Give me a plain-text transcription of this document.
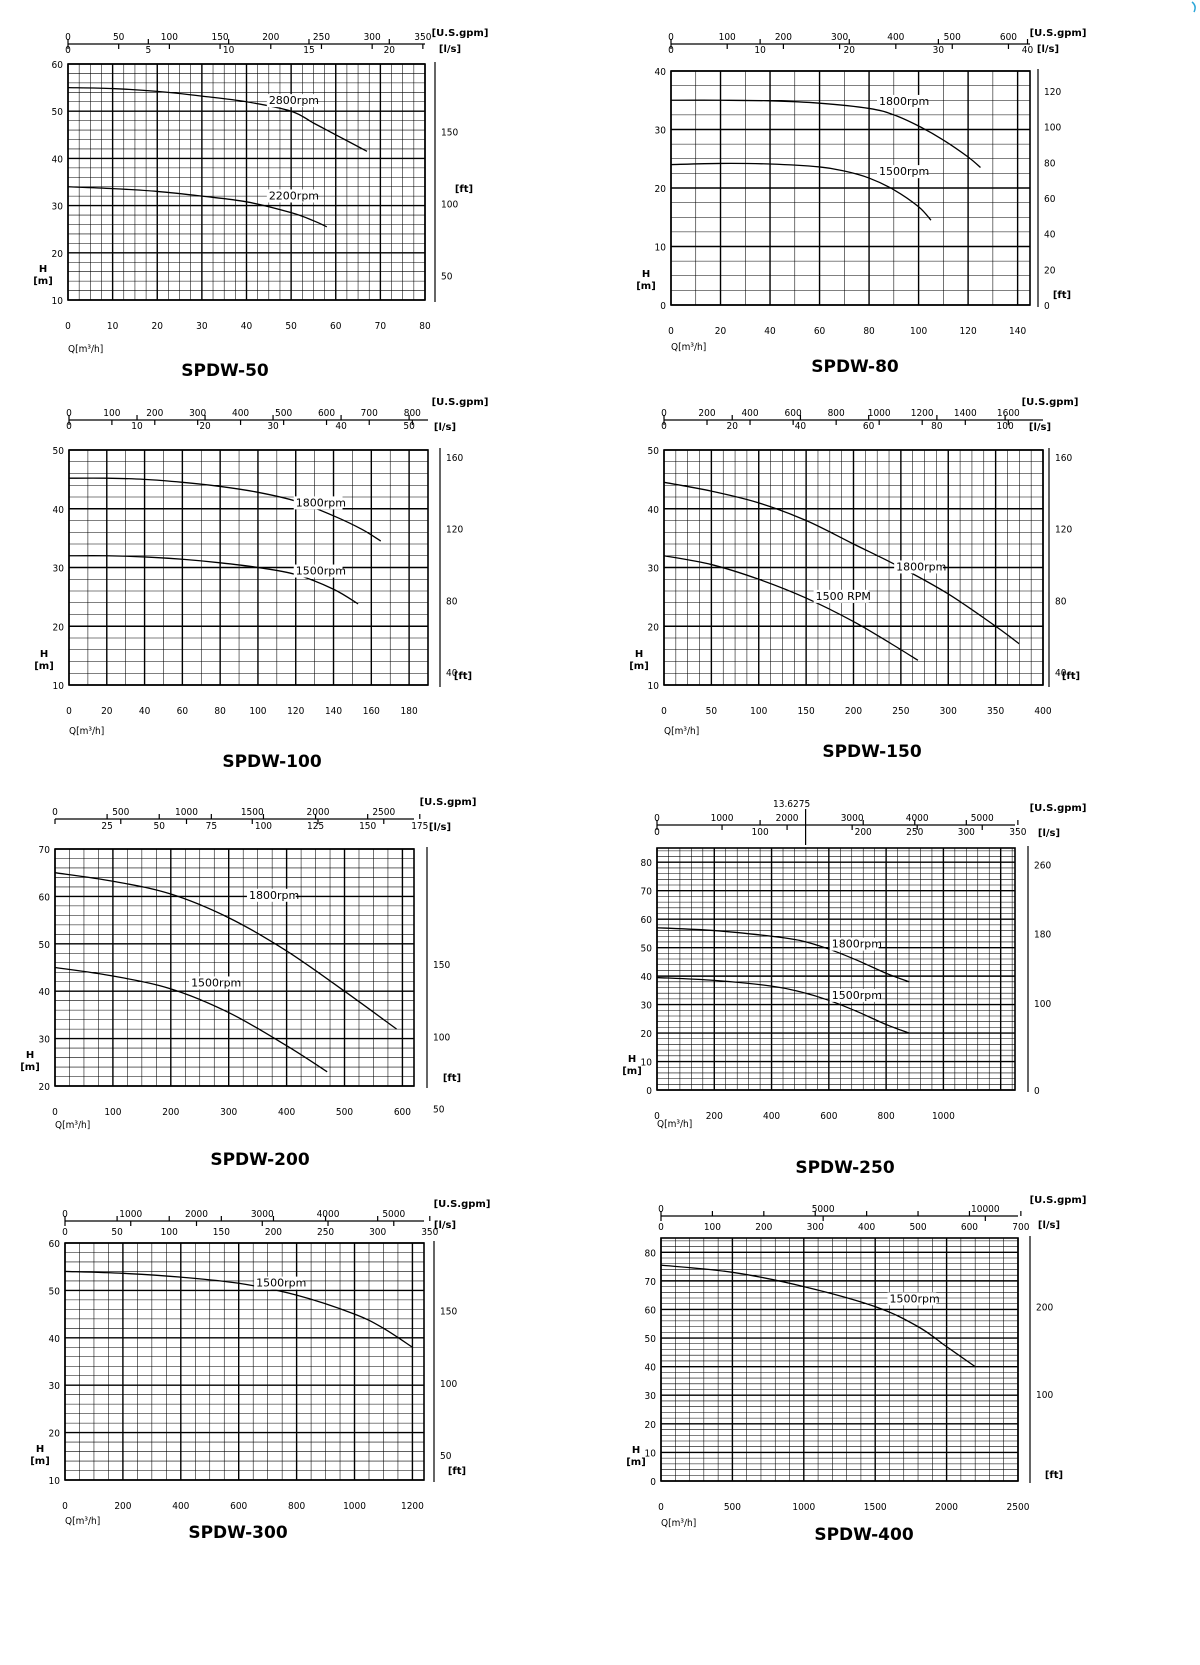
0	10	20	30	40	50	60	70	80
10
20
30
40
50
60
0	50	100	150	200	250	300	350
0	5	10	15	20
[U.S.gpm]
[l/s]
50
100
150
[ft]
H
[m]
Q[m³/h]
2800rpm
2200rpm
SPDW-50
0	20	40	60	80	100	120	140
0
10
20
30
40
0	100	200	300	400	500	600
0	10	20	30	40
[U.S.gpm]
[l/s]
0
20
40
60
80
100
120
[ft]
H
[m]
Q[m³/h]
1800rpm
1500rpm
SPDW-80
0	20	40	60	80 100 120 140 160 180
10
20
30
40
50
0	100	200	300	400	500	600	700	800
0	10	20	30	40	50
[U.S.gpm]
[l/s]
40
80
120
160
[ft]
H
[m]
Q[m³/h]
1800rpm
1500rpm
SPDW-100
0	50	100	150	200	250	300	350	400
10
20
30
40
50
0	200	400	600	800 1000 1200 1400 1600
0	20	40	60	80	100
[U.S.gpm]
[l/s]
40
80
120
160
[ft]
H
[m]
Q[m³/h]
1800rpm
1500 RPM
SPDW-150
0	100	200	300	400	500	600
20
30
40
50
60
70
0	500	1000	1500	2000	2500
25	50	75	100	125	150	175
[U.S.gpm]
[l/s]
50
100
150
[ft]
H
[m]
Q[m³/h]
1800rpm
1500rpm
SPDW-200
0	200	400	600	800	1000
0
10
20
30
40
50
60
70
80
0	1000	2000	3000	4000	5000
0	100	200	250	300	350
[U.S.gpm]
[l/s]
13.6275
0
100
180
260
H
[m]
Q[m³/h]
1800rpm
1500rpm
SPDW-250
0	200	400	600	800	1000	1200
10
20
30
40
50
60
0	1000	2000	3000	4000	5000
0	50	100	150	200	250	300	350
[U.S.gpm]
[l/s]
50
100
150
[ft]
H
[m]
Q[m³/h]
1500rpm
SPDW-300
0	500	1000	1500	2000	2500
0
10
20
30
40
50
60
70
80
0	5000	10000
0	100	200	300	400	500	600	700
[U.S.gpm]
[l/s]
100
200
[ft]
H
[m]
Q[m³/h]
1500rpm
SPDW-400
